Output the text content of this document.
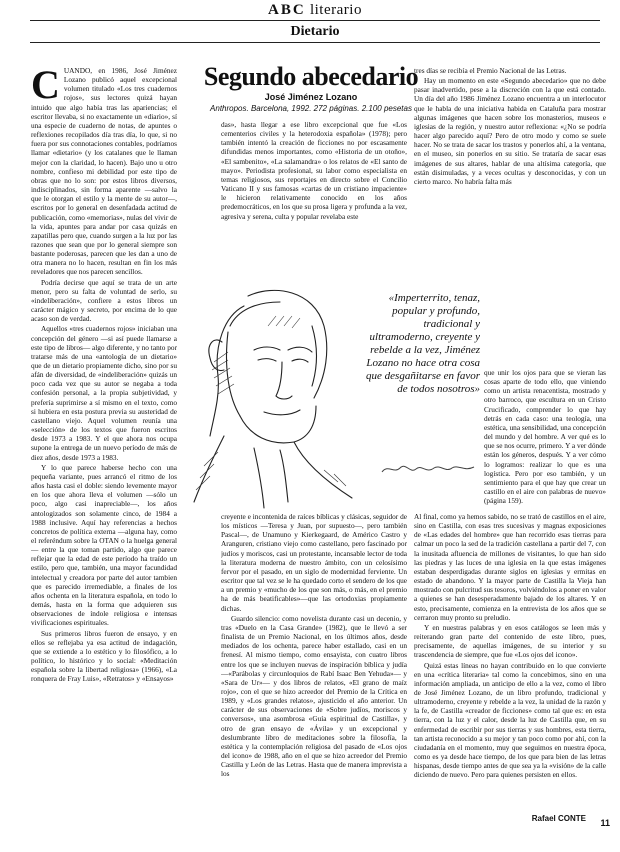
ABC literario
Dietario
Segundo abecedario
José Jiménez Lozano
Anthropos. Barcelona, 1992. 272 páginas. 2.100 pesetas

CUANDO, en 1986, José Jiménez Lozano publicó aquel excepcional volumen titulado «Los tres cuadernos rojos», sus lectores quizá hayan intuido que algo había tras las apariencias; el escritor llevaba, si no exactamente un «diario», sí una especie de cuaderno de notas, de apuntes o reflexiones recopilados día tras día, lo que, si no fuera por sus connotaciones contables, podríamos llamar «dietario» (y los catalanes que le llaman mejor con la claridad, lo hacen). Bajo uno u otro nombre, confieso mi debilidad por este tipo de obras que no lo son: por estos libros diversos, indisciplinados, sin forma aparente —salvo la que le otorgan el estilo y la mente de su autor—, escritos por lo general en desenfadada actitud de publicación, como «memorias», nulas del vivir de la vida, apuntes para andar por casa quizás en zapatillas pero que, cuando surgen a la luz por las razones que sean que por lo general siempre son bastante poderosas, parecen que les dan a uno de otra manera no lo hacen, resultan en fin los más reveladores que nos parecen sencillos.

Podría decirse que aquí se trata de un arte menor, pero su falta de voluntad de serlo, su «indeliberación», confiere a estos libros un carácter mágico y secreto, por encima de lo que acaso son de verdad.

Aquellos «tres cuadernos rojos» iniciaban una concepción del género —si así puede llamarse a este tipo de libros— algo diferente, y no tanto por tratarse más de una «antología de un dietario» que de un dietario propiamente dicho, sino por su afán de diversidad, de «indeliberación» quizás un poco cada vez que su autor se negaba a toda confesión personal, a la propia subjetividad, y prefería suprimirse a sí mismo en el texto, como si hubiera en esta postura previa su austeridad de castellano viejo. Aquel volumen reunía una «selección» de los textos que fueron escritos desde 1973 a 1983. Y el que ahora nos ocupa supone la entrega de un nuevo período de más de diez años, desde 1973 a 1983.

Y lo que parece haberse hecho con una pequeña variante, pues arrancó el ritmo de los años hasta casi el doble: siendo levemente mayor en los que ahora lleva el volumen —sólo un poco, algo casi inapreciable—, los años antologizados son solamente cinco, de 1984 a 1988 inclusive. Aquí hay referencias a hechos concretos de política externa —alguna hay, como el referéndum sobre la OTAN o la huelga general— entre la que toman partido, algo que parece reflejar que la edad de este período ha traído un estilo, pero que, también, una mayor facundidad intelectual y creadora por parte del autor tambien que es parecido irremediable, a finales de los años ochenta en la literatura española, en todo lo demás, hasta en la forma que adquieren sus observaciones de índole religiosa e intensas vivificaciones espirituales.

Sus primeros libros fueron de ensayo, y en ellos se reflejaba ya esa actitud de indagación, que se extiende a lo estético y lo filosófico, a lo político, lo histórico y lo social: «Meditación española sobre la libertad religiosa» (1966), «La ronquera de Fray Luis», «Retratos» y «Ensayos»

das», hasta llegar a ese libro excepcional que fue «Los cementerios civiles y la heterodoxia española» (1978); pero también intentó la creación de ficciones no por escasamente difundidas menos importantes, como «Historia de un otoño», «El sambenito», «La salamandra» o los relatos de «El santo de mayo». Periodista profesional, su labor como especialista en temas religiosos, sus reportajes en directo sobre el Concilio Vaticano II y sus famosas «cartas de un cristiano impaciente» le hicieron relativamente conocido en los años predemocráticos, en los que su prosa ligera y profunda a la vez, agresiva y serena, culta y popular revelaba este

tres días se recibía el Premio Nacional de las Letras.

Hay un momento en este «Segundo abecedario» que no debe pasar inadvertido, pese a la discreción con la que está contado. Un día del año 1986 Jiménez Lozano encuentra a un interlocutor que le habla de una iniciativa habida en Cataluña para mostrar algunas imágenes que hacen sobre los monasterios, museos e iglesias de la región, y nuestro autor reflexiona: «¿No se podría hacer algo parecido aquí? Pero de otro modo y como se suele hacer. No se trata de sacar los trastos y ponerlos ahí, a la ventana, en el museo, sin ponerlos en su sitio. Se trataría de sacar esas imágenes de sus altares, hablar de una altísima categoría, que están disimuladas, y a veces ocultas y desconocidas, y con un cierto marco. No habría falta más

que unir los ojos para que se vieran las cosas aparte de todo ello, que viniendo como un artista renacentista, mostrado y otro barroco, que escultura en un Cristo Crucificado, comprender lo que hay detrás en cada caso: una teología, una estética, una sensibilidad, una concepción del mundo y del hombre. A ver qué es lo que se nos ocurre, primero. Y a ver dónde están los géneros, después. Y a ver cómo lo logramos: realizar lo que es una logística. Pero por eso también, y un sentimiento para el que hay que crear un castillo en el aire con palabras de nuevo» (página 159).

Al final, como ya hemos sabido, no se trató de castillos en el aire, sino en Castilla, con esas tres sucesivas y magnas exposiciones de «Las edades del hombre» que han recorrido esas tierras para calmar un poco la sed de la tradición castellana a partir del 7, con la inusitada afluencia de millones de visitantes, lo que han sido las piedras y las luces de una iglesia en la que estas imágenes estaban desperdigadas durante siglos en iglesias y ermitas en estado de abandono. Y la mayor parte de Castilla la Vieja han mostrado con pulcritud sus tesoros, volviéndolos a poner en valor a quienes se han desesperadamente bajado de los altares. Y en esto, precisamente, comienza en la entrevista de los años que se cerraron muy pronto su preludio.

Y en nuestras palabras y en esos catálogos se leen más y reiterando gran parte del contenido de este libro, pues, precisamente, de aquellas imágenes, de su interior y su trascendencia de siempre, que fue «Los ojos del icono».

Quizá estas líneas no hayan contribuido en lo que convierte en una «crítica literaria» tal como la concebimos, sino en una información ampliada, un anticipo de ello a la vez, como el libro de José Jiménez Lozano, de un libro profundo, tradicional y ultramoderno, creyente y rebelde a la vez, la unidad de la razón y la fe, de Castilla «creador de ficciones» como tal que es: en esta tierra, con la luz y el calor, desde la luz de Castilla que, en su enfermedad de escribir por sus tierras y sus hombres, esta tierra, tan artista reconocido a su mejor y tan poco como por ahí, con la ciudadanía en el momento, muy que seguimos en nuestra época, como es ya desde hace tiempo, de los que para bien de las letras hispanas, desde tiempo antes de que sea ya la «visión» de la calle diciendo de nuevo. Pero para quienes persisten en ellos.

creyente e incontenida de raíces bíblicas y clásicas, seguidor de los místicos —Teresa y Juan, por supuesto—, pero también Pascal—, de Unamuno y Kierkegaard, de Américo Castro y Aranguren, cristiano viejo como castellano, pero fascinado por judíos y moriscos, casi un protestante, incansable lector de toda la literatura moderna de nuestro ámbito, con un celosísimo fervor por el pasado, en un siglo de modernidad ferviente. Un escritor que tal vez se le ha quedado corto el sendero de los que a un premio y «mucho de los que son más, o más, en el premio ha de más beatificables»—que las ortodoxias propiamente dichas.

Guardo silencio: como novelista durante casi un decenio, y tras «Duelo en la Casa Grande» (1982), que le llevó a ser finalista de un Premio Nacional, en los últimos años, desde mediados de los ochenta, parece haber estallado, casi en un frenesí. Al mismo tiempo, como ensayista, con cuatro libros entre los que se incluyen nuevas de inspiración bíblica y judía —«Parábolas y circunloquios de Rabí Isaac Ben Yehuda»— y «Sara de Ur»— y dos libros de relatos, «El grano de maíz rojo», con el que se hizo acreedor del Premio de la Crítica en 1989, y «Los grandes relatos», ajusticido el año anterior. Un carácter de sus observaciones de «Sobre judíos, moriscos y conversos», una asombrosa «Guía espiritual de Castilla», y otro de gran ensayo de «Ávila» y un excepcional y deslumbrante libro de meditaciones sobre la filosofía, la estética y la contemplación religiosa del pasado de «Los ojos del icono» de 1988, año en el que se hizo acreedor del Premio Castilla y León de las Letras. Hasta que de manera imprevista a los

«Imperterrito, tenaz, popular y profundo, tradicional y ultramoderno, creyente y rebelde a la vez, Jiménez Lozano no hace otra cosa que desgañitarse en favor de todos nosotros»
Rafael CONTE	11
